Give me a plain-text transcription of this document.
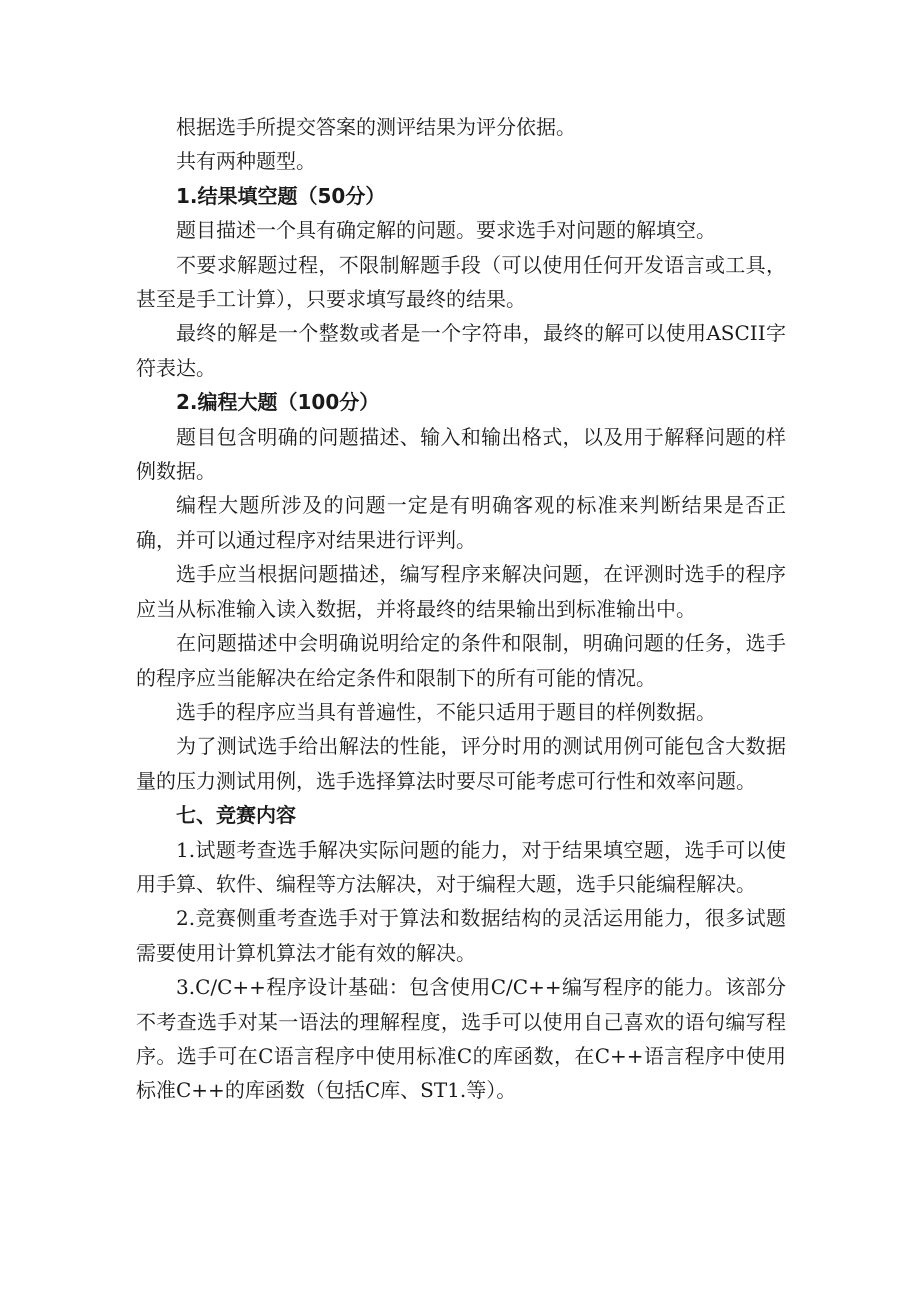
根据选手所提交答案的测评结果为评分依据。

共有两种题型。

1.结果填空题（50分）

题目描述一个具有确定解的问题。要求选手对问题的解填空。

不要求解题过程，不限制解题手段（可以使用任何开发语言或工具，甚至是手工计算），只要求填写最终的结果。

最终的解是一个整数或者是一个字符串，最终的解可以使用ASCII字符表达。

2.编程大题（100分）

题目包含明确的问题描述、输入和输出格式，以及用于解释问题的样例数据。

编程大题所涉及的问题一定是有明确客观的标准来判断结果是否正确，并可以通过程序对结果进行评判。

选手应当根据问题描述，编写程序来解决问题，在评测时选手的程序应当从标准输入读入数据，并将最终的结果输出到标准输出中。

在问题描述中会明确说明给定的条件和限制，明确问题的任务，选手的程序应当能解决在给定条件和限制下的所有可能的情况。

选手的程序应当具有普遍性，不能只适用于题目的样例数据。

为了测试选手给出解法的性能，评分时用的测试用例可能包含大数据量的压力测试用例，选手选择算法时要尽可能考虑可行性和效率问题。

七、竞赛内容

1.试题考查选手解决实际问题的能力，对于结果填空题，选手可以使用手算、软件、编程等方法解决，对于编程大题，选手只能编程解决。

2.竞赛侧重考查选手对于算法和数据结构的灵活运用能力，很多试题需要使用计算机算法才能有效的解决。

3.C/C++程序设计基础：包含使用C/C++编写程序的能力。该部分不考查选手对某一语法的理解程度，选手可以使用自己喜欢的语句编写程序。选手可在C语言程序中使用标准C的库函数，在C++语言程序中使用标准C++的库函数（包括C库、ST1.等）。
